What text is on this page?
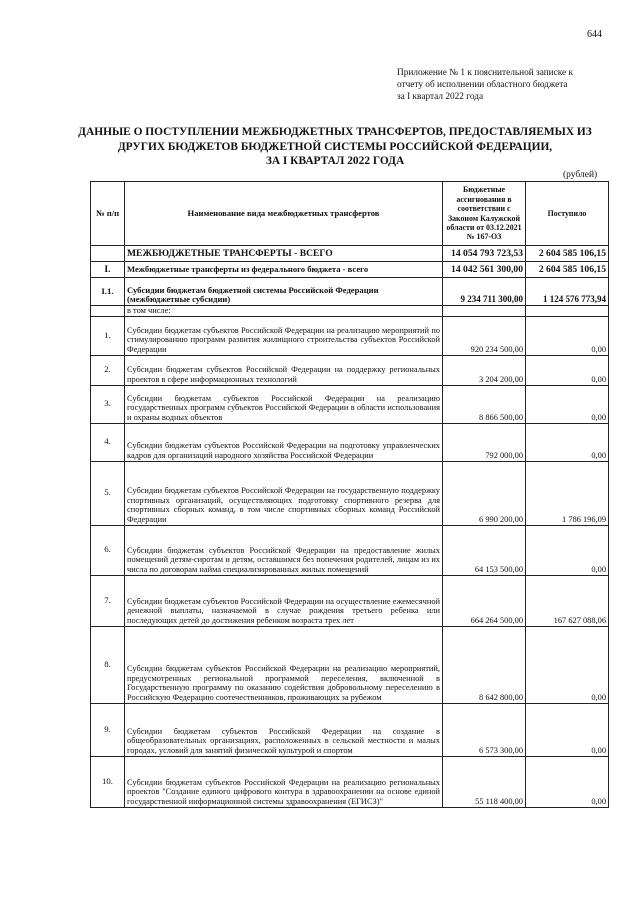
644
Приложение № 1 к пояснительной записке к
отчету об исполнении областного бюджета
за I квартал 2022 года
ДАННЫЕ О ПОСТУПЛЕНИИ МЕЖБЮДЖЕТНЫХ ТРАНСФЕРТОВ, ПРЕДОСТАВЛЯЕМЫХ ИЗ
ДРУГИХ БЮДЖЕТОВ БЮДЖЕТНОЙ СИСТЕМЫ РОССИЙСКОЙ ФЕДЕРАЦИИ,
ЗА I КВАРТАЛ 2022 ГОДА
(рублей)
№ п/п	Наименование вида межбюджетных трансфертов	Бюджетные ассигнования в соответствии с Законом Калужской области от 03.12.2021 № 167-ОЗ	Поступило
	МЕЖБЮДЖЕТНЫЕ ТРАНСФЕРТЫ - ВСЕГО	14 054 793 723,53	2 604 585 106,15
I.	Межбюджетные трансферты из федерального бюджета - всего	14 042 561 300,00	2 604 585 106,15
I.1.	Субсидии бюджетам бюджетной системы Российской Федерации (межбюджетные субсидии)	9 234 711 300,00	1 124 576 773,94
	в том числе:		
1.	Субсидии бюджетам субъектов Российской Федерации на реализацию мероприятий по стимулированию программ развития жилищного строительства субъектов Российской Федерации	920 234 500,00	0,00
2.	Субсидии бюджетам субъектов Российской Федерации на поддержку региональных проектов в сфере информационных технологий	3 204 200,00	0,00
3.	Субсидии бюджетам субъектов Российской Федерации на реализацию государственных программ субъектов Российской Федерации в области использования и охраны водных объектов	8 866 500,00	0,00
4.	Субсидии бюджетам субъектов Российской Федерации на подготовку управленческих кадров для организаций народного хозяйства Российской Федерации	792 000,00	0,00
5.	Субсидии бюджетам субъектов Российской Федерации на государственную поддержку спортивных организаций, осуществляющих подготовку спортивного резерва для спортивных сборных команд, в том числе спортивных сборных команд Российской Федерации	6 990 200,00	1 786 196,09
6.	Субсидии бюджетам субъектов Российской Федерации на предоставление жилых помещений детям-сиротам и детям, оставшимся без попечения родителей, лицам из их числа по договорам найма специализированных жилых помещений	64 153 500,00	0,00
7.	Субсидии бюджетам субъектов Российской Федерации на осуществление ежемесячной денежной выплаты, назначаемой в случае рождения третьего ребенка или последующих детей до достижения ребенком возраста трех лет	664 264 500,00	167 627 088,06
8.	Субсидии бюджетам субъектов Российской Федерации на реализацию мероприятий, предусмотренных региональной программой переселения, включенной в Государственную программу по оказанию содействия добровольному переселению в Российскую Федерацию соотечественников, проживающих за рубежом	8 642 800,00	0,00
9.	Субсидии бюджетам субъектов Российской Федерации на создание в общеобразовательных организациях, расположенных в сельской местности и малых городах, условий для занятий физической культурой и спортом	6 573 300,00	0,00
10.	Субсидии бюджетам субъектов Российской Федерации на реализацию региональных проектов "Создание единого цифрового контура в здравоохранении на основе единой государственной информационной системы здравоохранения (ЕГИСЗ)"	55 118 400,00	0,00
